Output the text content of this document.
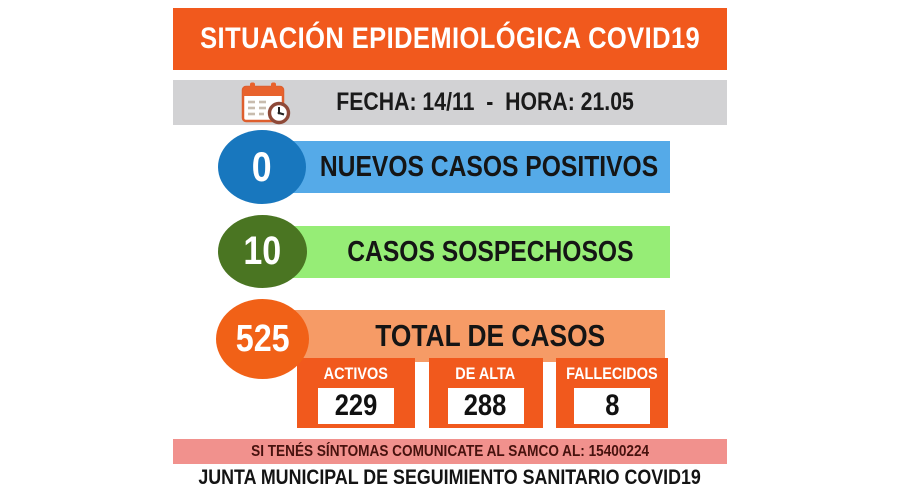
SITUACIÓN EPIDEMIOLÓGICA COVID19
FECHA: 14/11  -  HORA: 21.05
NUEVOS CASOS POSITIVOS
0
CASOS SOSPECHOSOS
10
TOTAL DE CASOS
ACTIVOS
229
DE ALTA
288
FALLECIDOS
8
525
SI TENÉS SÍNTOMAS COMUNICATE AL SAMCO AL: 15400224
JUNTA MUNICIPAL DE SEGUIMIENTO SANITARIO COVID19
